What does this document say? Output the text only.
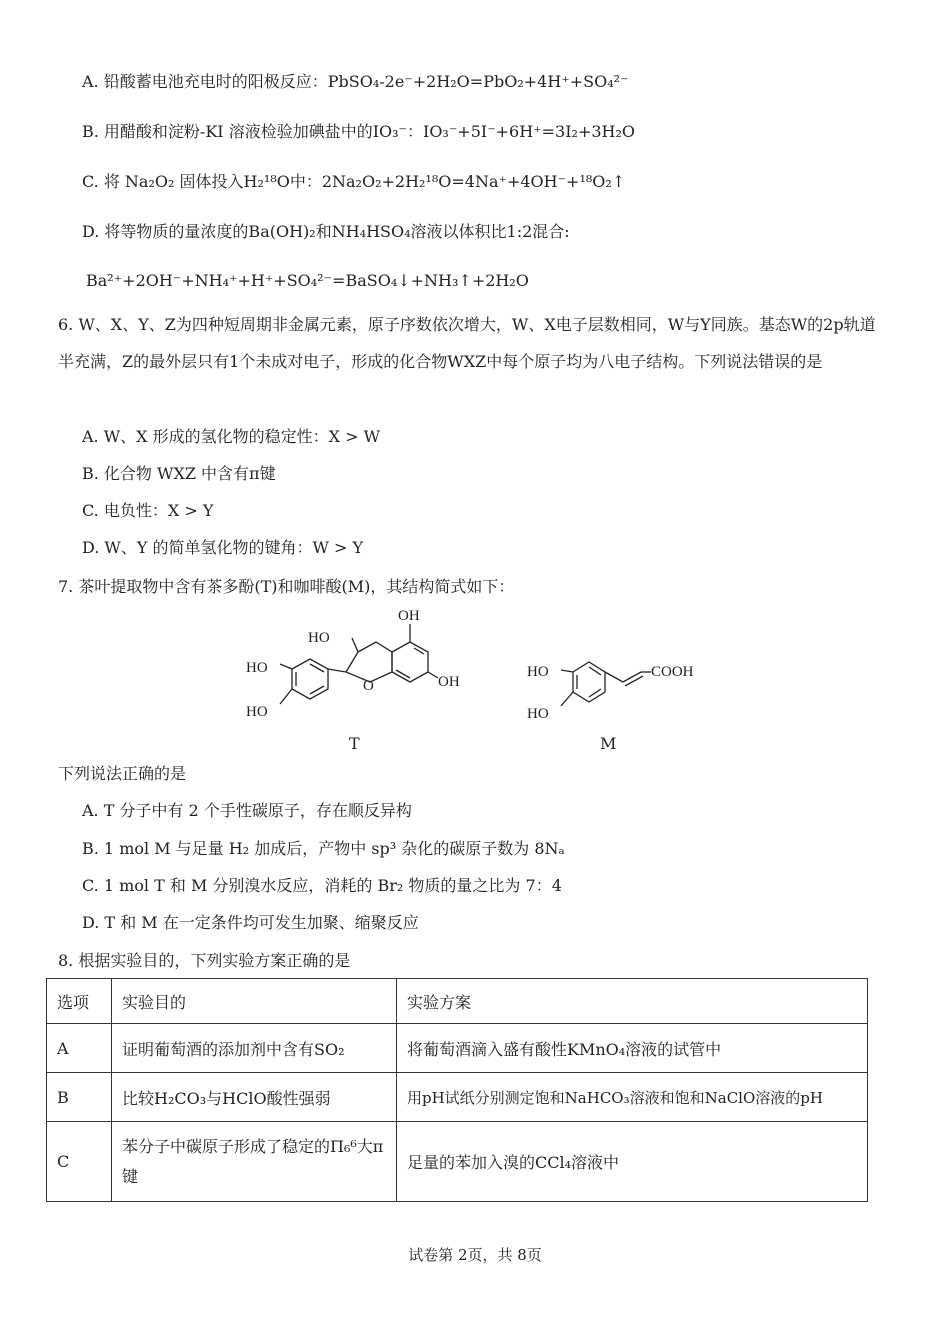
A. 铅酸蓄电池充电时的阳极反应：PbSO₄-2e⁻+2H₂O=PbO₂+4H⁺+SO₄²⁻
B. 用醋酸和淀粉-KI 溶液检验加碘盐中的IO₃⁻：IO₃⁻+5I⁻+6H⁺=3I₂+3H₂O
C. 将 Na₂O₂ 固体投入H₂¹⁸O中：2Na₂O₂+2H₂¹⁸O=4Na⁺+4OH⁻+¹⁸O₂↑
D. 将等物质的量浓度的Ba(OH)₂和NH₄HSO₄溶液以体积比1:2混合:
Ba²⁺+2OH⁻+NH₄⁺+H⁺+SO₄²⁻=BaSO₄↓+NH₃↑+2H₂O
6. W、X、Y、Z为四种短周期非金属元素，原子序数依次增大，W、X电子层数相同，W与Y同族。基态W的2p轨道半充满，Z的最外层只有1个未成对电子，形成的化合物WXZ中每个原子均为八电子结构。下列说法错误的是
A. W、X 形成的氢化物的稳定性：X > W
B. 化合物 WXZ 中含有π键
C. 电负性：X > Y
D. W、Y 的简单氢化物的键角：W > Y
7. 茶叶提取物中含有茶多酚(T)和咖啡酸(M)，其结构简式如下：
OH
HO
HO
O	OH
HO
HO	COOH
HO
T	M
下列说法正确的是
A. T 分子中有 2 个手性碳原子，存在顺反异构
B. 1 mol M 与足量 H₂ 加成后，产物中 sp³ 杂化的碳原子数为 8Nₐ
C. 1 mol T 和 M 分别溴水反应，消耗的 Br₂ 物质的量之比为 7：4
D. T 和 M 在一定条件均可发生加聚、缩聚反应
8. 根据实验目的，下列实验方案正确的是
选项	实验目的	实验方案
A	证明葡萄酒的添加剂中含有SO₂	将葡萄酒滴入盛有酸性KMnO₄溶液的试管中
B	比较H₂CO₃与HClO酸性强弱	用pH试纸分别测定饱和NaHCO₃溶液和饱和NaClO溶液的pH
C	苯分子中碳原子形成了稳定的Π₆⁶大π键	足量的苯加入溴的CCl₄溶液中
试卷第 2页，共 8页
